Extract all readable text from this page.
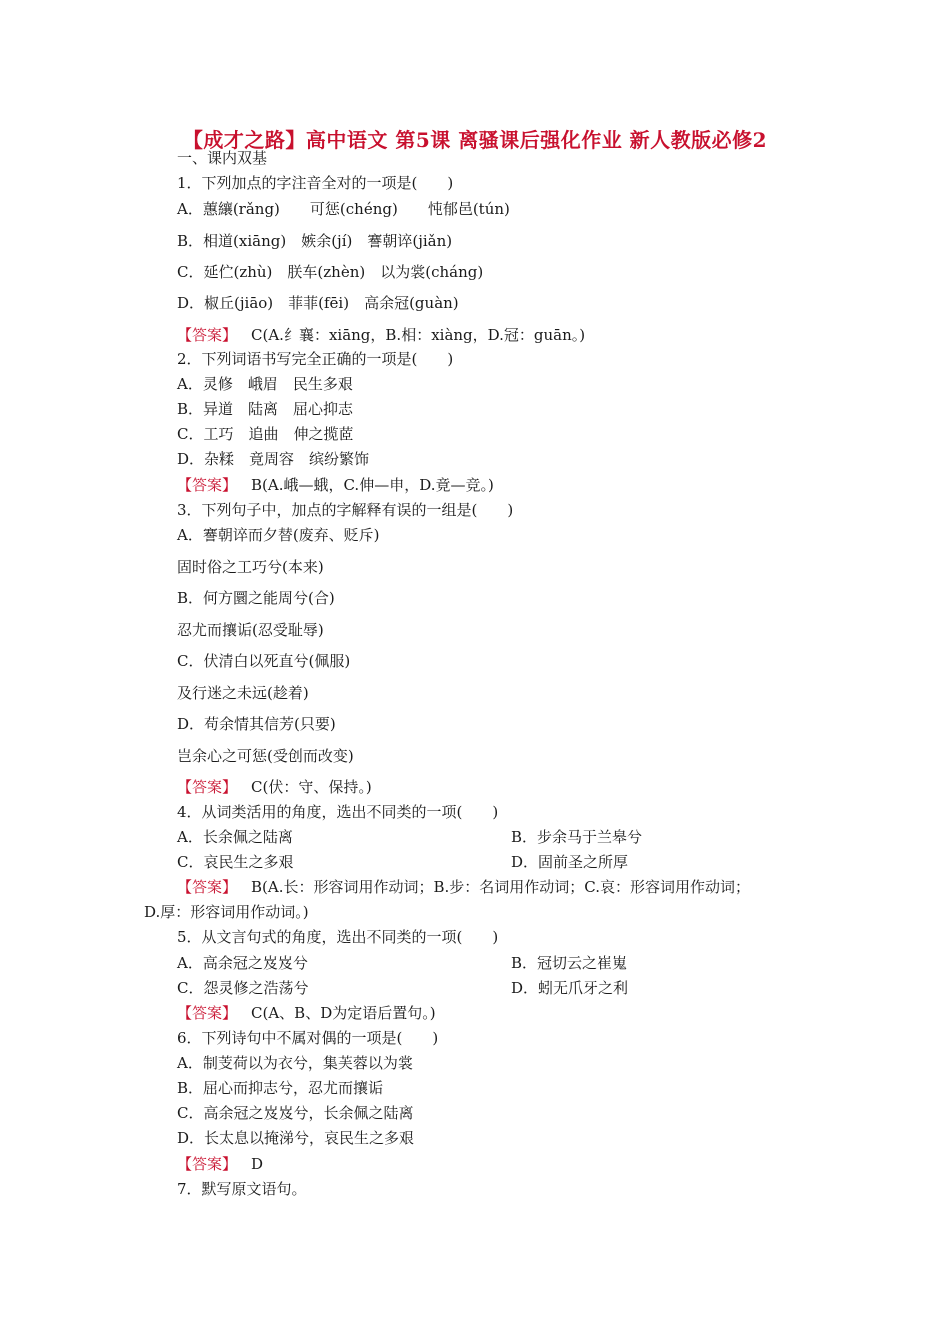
【成才之路】高中语文 第5课 离骚课后强化作业 新人教版必修2
一、课内双基
1．下列加点的字注音全对的一项是(　　)
A．蕙纕(rǎng)　　可惩(chéng)　　忳郁邑(tún)
B．相道(xiāng)　嫉余(jí)　謇朝谇(jiǎn)
C．延伫(zhù)　朕车(zhèn)　以为裳(cháng)
D．椒丘(jiāo)　菲菲(fēi)　高余冠(guàn)
【答案】 C(A.纟襄：xiāng，B.相：xiàng，D.冠：guān。)
2．下列词语书写完全正确的一项是(　　)
A．灵修　峨眉　民生多艰
B．异道　陆离　屈心抑志
C．工巧　追曲　伸之揽茝
D．杂糅　竟周容　缤纷繁饰
【答案】 B(A.峨—蛾，C.伸—申，D.竟—竞。)
3．下列句子中，加点的字解释有误的一组是(　　)
A．謇朝谇而夕替(废弃、贬斥)
固时俗之工巧兮(本来)
B．何方圜之能周兮(合)
忍尤而攘诟(忍受耻辱)
C．伏清白以死直兮(佩服)
及行迷之未远(趁着)
D．苟余情其信芳(只要)
岂余心之可惩(受创而改变)
【答案】 C(伏：守、保持。)
4．从词类活用的角度，选出不同类的一项(　　)
A．长余佩之陆离	B．步余马于兰皋兮
C．哀民生之多艰	D．固前圣之所厚
【答案】 B(A.长：形容词用作动词；B.步：名词用作动词；C.哀：形容词用作动词；
D.厚：形容词用作动词。)
5．从文言句式的角度，选出不同类的一项(　　)
A．高余冠之岌岌兮	B．冠切云之崔嵬
C．怨灵修之浩荡兮	D．蚓无爪牙之利
【答案】 C(A、B、D为定语后置句。)
6．下列诗句中不属对偶的一项是(　　)
A．制芰荷以为衣兮，集芙蓉以为裳
B．屈心而抑志兮，忍尤而攘诟
C．高余冠之岌岌兮，长余佩之陆离
D．长太息以掩涕兮，哀民生之多艰
【答案】 D
7．默写原文语句。
